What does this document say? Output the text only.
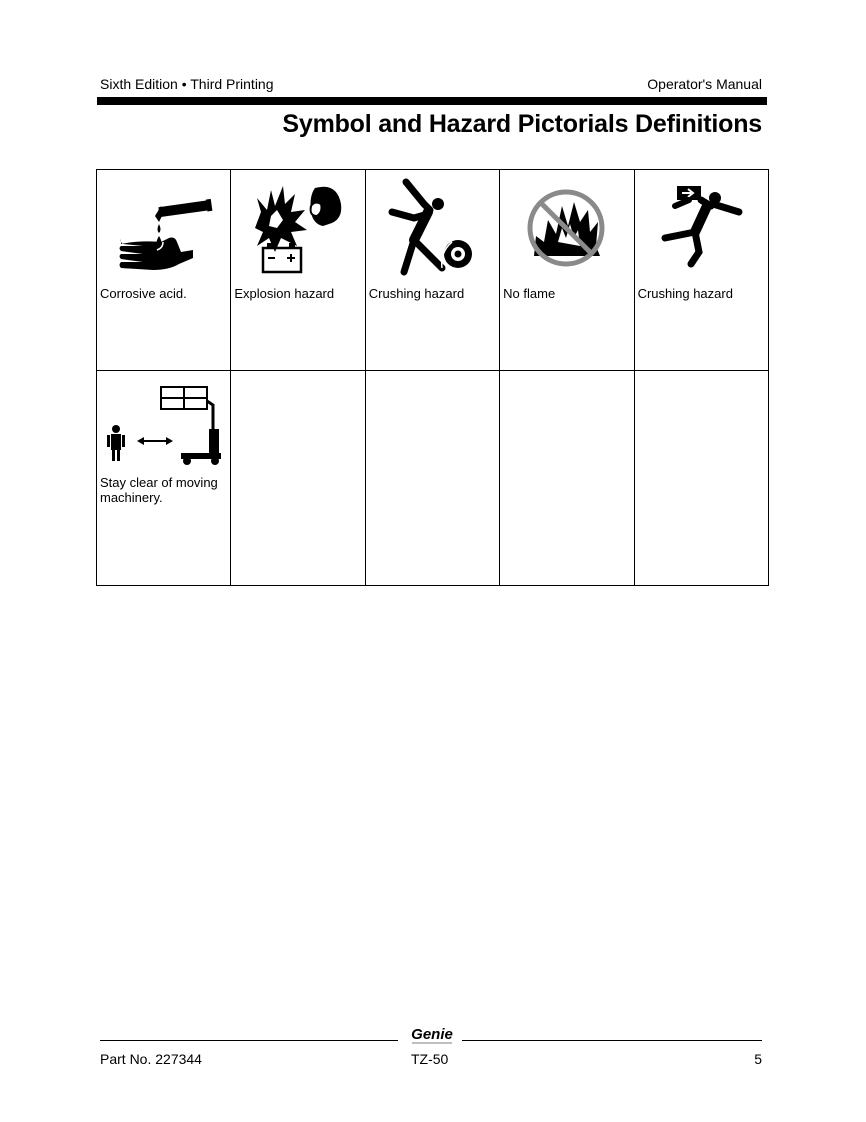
Sixth Edition • Third Printing	Operator's Manual
Symbol and Hazard Pictorials Definitions
Corrosive acid.	Explosion hazard	Crushing hazard	No flame	Crushing hazard

Stay clear of moving machinery.				

Genie
Part No. 227344	TZ-50	5
